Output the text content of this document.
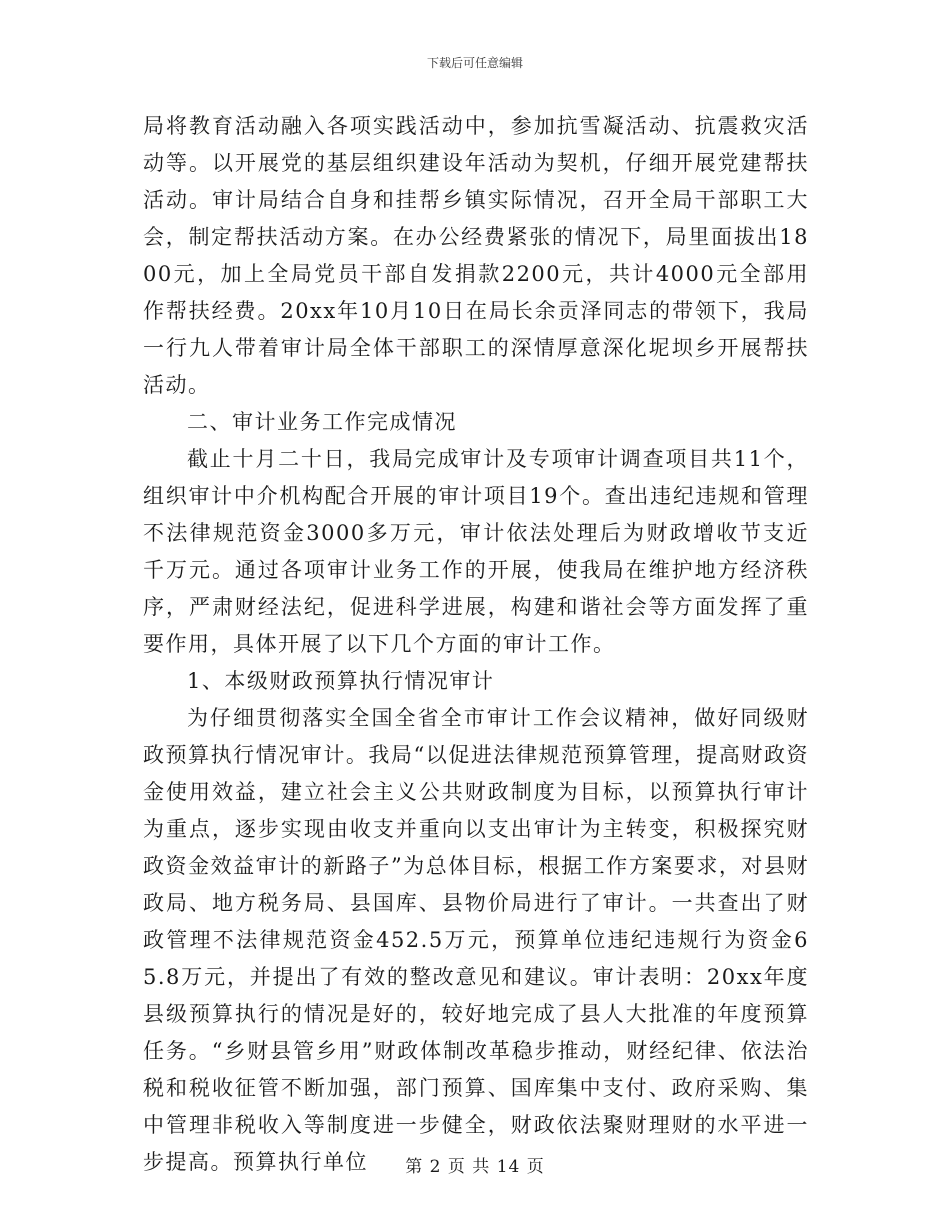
下载后可任意编辑

局将教育活动融入各项实践活动中，参加抗雪凝活动、抗震救灾活动等。以开展党的基层组织建设年活动为契机，仔细开展党建帮扶活动。审计局结合自身和挂帮乡镇实际情况，召开全局干部职工大会，制定帮扶活动方案。在办公经费紧张的情况下，局里面拔出1800元，加上全局党员干部自发捐款2200元，共计4000元全部用作帮扶经费。20xx年10月10日在局长余贡泽同志的带领下，我局一行九人带着审计局全体干部职工的深情厚意深化坭坝乡开展帮扶活动。

二、审计业务工作完成情况

截止十月二十日，我局完成审计及专项审计调查项目共11个，组织审计中介机构配合开展的审计项目19个。查出违纪违规和管理不法律规范资金3000多万元，审计依法处理后为财政增收节支近千万元。通过各项审计业务工作的开展，使我局在维护地方经济秩序，严肃财经法纪，促进科学进展，构建和谐社会等方面发挥了重要作用，具体开展了以下几个方面的审计工作。

1、本级财政预算执行情况审计

为仔细贯彻落实全国全省全市审计工作会议精神，做好同级财政预算执行情况审计。我局“以促进法律规范预算管理，提高财政资金使用效益，建立社会主义公共财政制度为目标，以预算执行审计为重点，逐步实现由收支并重向以支出审计为主转变，积极探究财政资金效益审计的新路子”为总体目标，根据工作方案要求，对县财政局、地方税务局、县国库、县物价局进行了审计。一共查出了财政管理不法律规范资金452.5万元，预算单位违纪违规行为资金65.8万元，并提出了有效的整改意见和建议。审计表明：20xx年度县级预算执行的情况是好的，较好地完成了县人大批准的年度预算任务。“乡财县管乡用”财政体制改革稳步推动，财经纪律、依法治税和税收征管不断加强，部门预算、国库集中支付、政府采购、集中管理非税收入等制度进一步健全，财政依法聚财理财的水平进一步提高。预算执行单位	第 2 页 共 14 页
